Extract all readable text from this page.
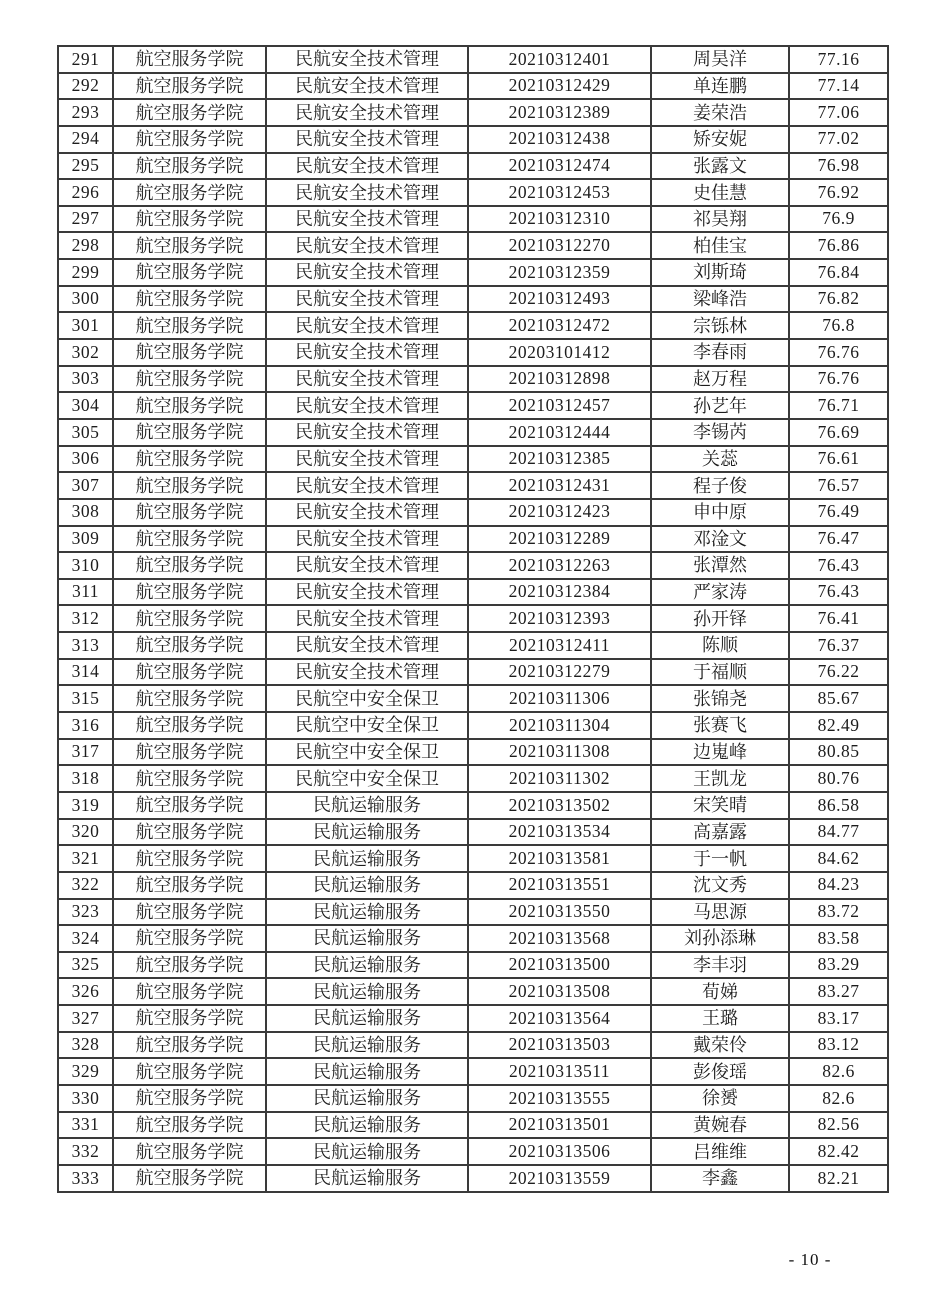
291	航空服务学院	民航安全技术管理	20210312401	周昊洋	77.16
292	航空服务学院	民航安全技术管理	20210312429	单连鹏	77.14
293	航空服务学院	民航安全技术管理	20210312389	姜荣浩	77.06
294	航空服务学院	民航安全技术管理	20210312438	矫安妮	77.02
295	航空服务学院	民航安全技术管理	20210312474	张露文	76.98
296	航空服务学院	民航安全技术管理	20210312453	史佳慧	76.92
297	航空服务学院	民航安全技术管理	20210312310	祁昊翔	76.9
298	航空服务学院	民航安全技术管理	20210312270	柏佳宝	76.86
299	航空服务学院	民航安全技术管理	20210312359	刘斯琦	76.84
300	航空服务学院	民航安全技术管理	20210312493	梁峰浩	76.82
301	航空服务学院	民航安全技术管理	20210312472	宗铄林	76.8
302	航空服务学院	民航安全技术管理	20203101412	李春雨	76.76
303	航空服务学院	民航安全技术管理	20210312898	赵万程	76.76
304	航空服务学院	民航安全技术管理	20210312457	孙艺年	76.71
305	航空服务学院	民航安全技术管理	20210312444	李锡芮	76.69
306	航空服务学院	民航安全技术管理	20210312385	关蕊	76.61
307	航空服务学院	民航安全技术管理	20210312431	程子俊	76.57
308	航空服务学院	民航安全技术管理	20210312423	申中原	76.49
309	航空服务学院	民航安全技术管理	20210312289	邓淦文	76.47
310	航空服务学院	民航安全技术管理	20210312263	张潭然	76.43
311	航空服务学院	民航安全技术管理	20210312384	严家涛	76.43
312	航空服务学院	民航安全技术管理	20210312393	孙开铎	76.41
313	航空服务学院	民航安全技术管理	20210312411	陈顺	76.37
314	航空服务学院	民航安全技术管理	20210312279	于福顺	76.22
315	航空服务学院	民航空中安全保卫	20210311306	张锦尧	85.67
316	航空服务学院	民航空中安全保卫	20210311304	张赛飞	82.49
317	航空服务学院	民航空中安全保卫	20210311308	边嵬峰	80.85
318	航空服务学院	民航空中安全保卫	20210311302	王凯龙	80.76
319	航空服务学院	民航运输服务	20210313502	宋笑晴	86.58
320	航空服务学院	民航运输服务	20210313534	高嘉露	84.77
321	航空服务学院	民航运输服务	20210313581	于一帆	84.62
322	航空服务学院	民航运输服务	20210313551	沈文秀	84.23
323	航空服务学院	民航运输服务	20210313550	马思源	83.72
324	航空服务学院	民航运输服务	20210313568	刘孙添琳	83.58
325	航空服务学院	民航运输服务	20210313500	李丰羽	83.29
326	航空服务学院	民航运输服务	20210313508	荀娣	83.27
327	航空服务学院	民航运输服务	20210313564	王璐	83.17
328	航空服务学院	民航运输服务	20210313503	戴荣伶	83.12
329	航空服务学院	民航运输服务	20210313511	彭俊瑶	82.6
330	航空服务学院	民航运输服务	20210313555	徐赟	82.6
331	航空服务学院	民航运输服务	20210313501	黄婉春	82.56
332	航空服务学院	民航运输服务	20210313506	吕维维	82.42
333	航空服务学院	民航运输服务	20210313559	李鑫	82.21
- 10 -
